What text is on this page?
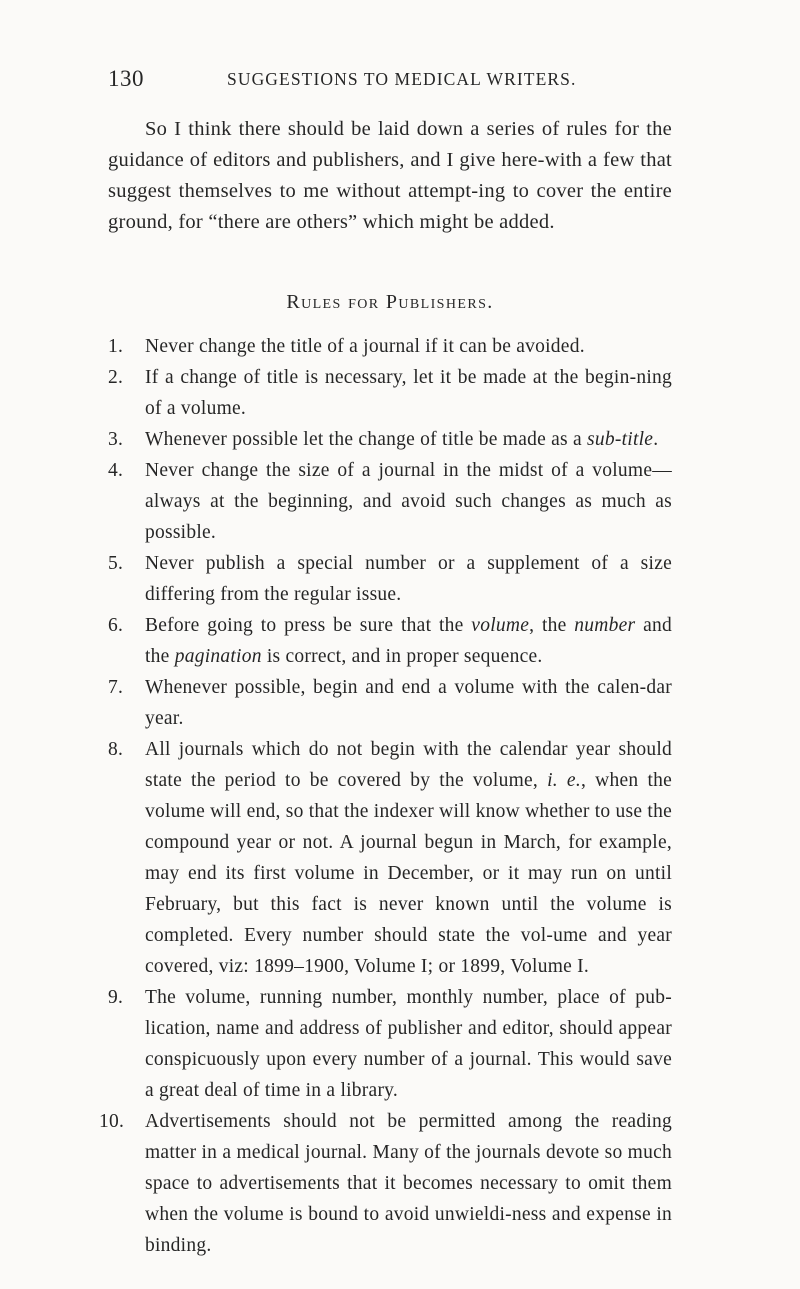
130	SUGGESTIONS TO MEDICAL WRITERS.

So I think there should be laid down a series of rules for the guidance of editors and publishers, and I give here-with a few that suggest themselves to me without attempt-ing to cover the entire ground, for “there are others” which might be added.

Rules for Publishers.
1.	Never change the title of a journal if it can be avoided.
2.	If a change of title is necessary, let it be made at the begin-ning of a volume.
3.	Whenever possible let the change of title be made as a sub-title.
4.	Never change the size of a journal in the midst of a volume—always at the beginning, and avoid such changes as much as possible.
5.	Never publish a special number or a supplement of a size differing from the regular issue.
6.	Before going to press be sure that the volume, the number and the pagination is correct, and in proper sequence.
7.	Whenever possible, begin and end a volume with the calen-dar year.
8.	All journals which do not begin with the calendar year should state the period to be covered by the volume, i. e., when the volume will end, so that the indexer will know whether to use the compound year or not. A journal begun in March, for example, may end its first volume in December, or it may run on until February, but this fact is never known until the volume is completed. Every number should state the vol-ume and year covered, viz: 1899–1900, Volume I; or 1899, Volume I.
9.	The volume, running number, monthly number, place of pub-lication, name and address of publisher and editor, should appear conspicuously upon every number of a journal. This would save a great deal of time in a library.
10.	Advertisements should not be permitted among the reading matter in a medical journal. Many of the journals devote so much space to advertisements that it becomes necessary to omit them when the volume is bound to avoid unwieldi-ness and expense in binding.
